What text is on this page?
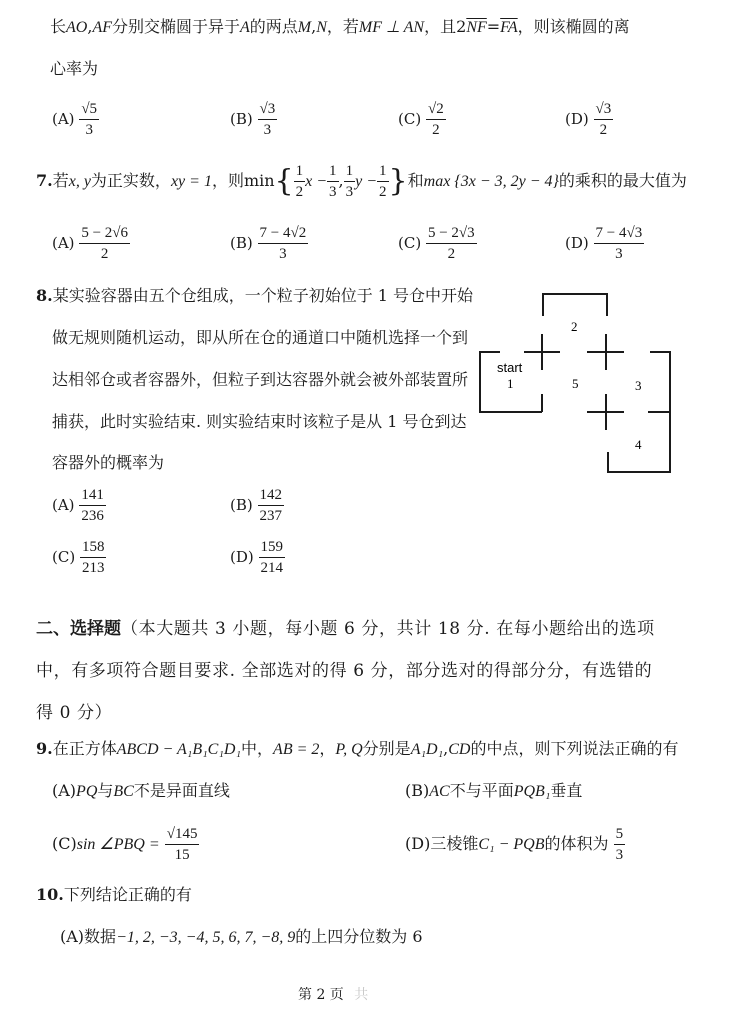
长AO,AF分别交椭圆于异于A的两点M,N，若MF ⊥ AN，且$2\overline{NF}=\overline{FA}$，则该椭圆的离
心率为
$(A) \frac{√5}{3}$	$(B) \frac{√3}{3}$	$(C) \frac{√2}{2}$	$(D) \frac{√3}{2}$
7.若x, y为正实数，xy = 1，则$\min\{ \frac{1}{2}$ $x - \frac{1}{3}$ , $\frac{1}{3}$ $y - \frac{1}{2}$ }和max {3x − 3, 2y − 4}的乘积的最大值为
$(A) \frac{5 - 2√6}{2}$	$(B) \frac{7 - 4√2}{3}$	$(C) \frac{5 - 2√3}{2}$	$(D) \frac{7 - 4√3}{3}$
8.某实验容器由五个仓组成，一个粒子初始位于 1 号仓中开始
做无规则随机运动，即从所在仓的通道口中随机选择一个到
达相邻仓或者容器外，但粒子到达容器外就会被外部装置所
捕获，此时实验结束. 则实验结束时该粒子是从 1 号仓到达
容器外的概率为
start
1
2
3
4
5
$(A) \frac{141}{236}$	$(B) \frac{142}{237}$
$(C) \frac{158}{213}$	$(D) \frac{159}{214}$
二、选择题（本大题共 3 小题，每小题 6 分，共计 18 分. 在每小题给出的选项
中，有多项符合题目要求. 全部选对的得 6 分，部分选对的得部分分，有选错的
得 0 分）
9.在正方体ABCD − A₁B₁C₁D₁中，AB = 2，P, Q分别是A₁D₁,CD的中点，则下列说法正确的有
(A)PQ与BC不是异面直线	(B)AC不与平面PQB₁垂直
(C)sin ∠PBQ = $\frac{√145}{15}$	(D)三棱锥C₁ − PQB的体积为 $\frac{5}{3}$
10.下列结论正确的有
(A)数据−1, 2, −3, −4, 5, 6, 7, −8, 9的上四分位数为 6
第 2 页 共
